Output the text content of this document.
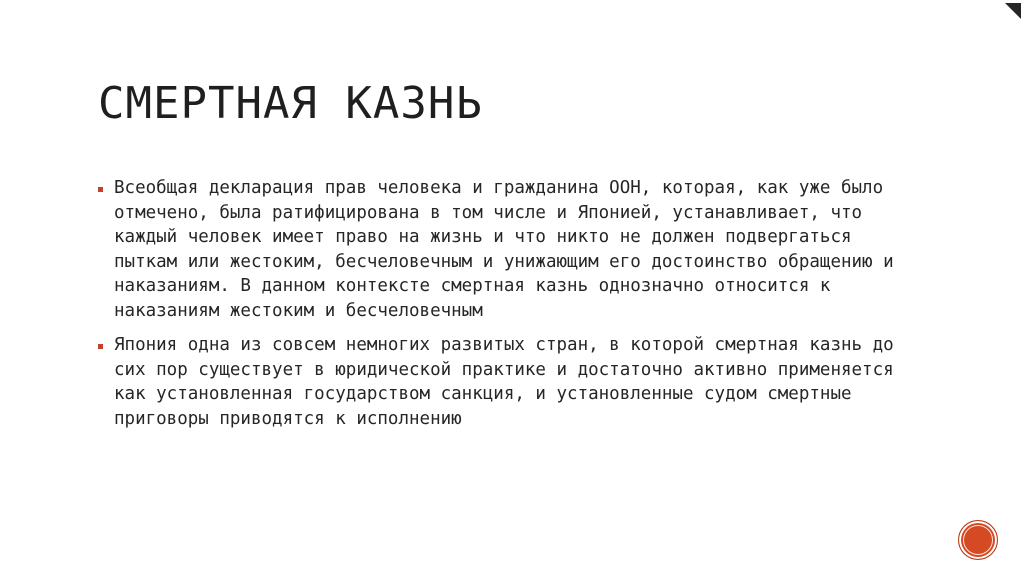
СМЕРТНАЯ КАЗНЬ
Всеобщая декларация прав человека и гражданина ООН, которая, как уже было отмечено, была ратифицирована в том числе и Японией, устанавливает, что каждый человек имеет право на жизнь и что никто не должен подвергаться пыткам или жестоким, бесчеловечным и унижающим его достоинство обращению и наказаниям. В данном контексте смертная казнь однозначно относится к наказаниям жестоким и бесчеловечным
Япония одна из совсем немногих развитых стран, в которой смертная казнь до сих пор существует в юридической практике и достаточно активно применяется как установленная государством санкция, и установленные судом смертные приговоры приводятся к исполнению
